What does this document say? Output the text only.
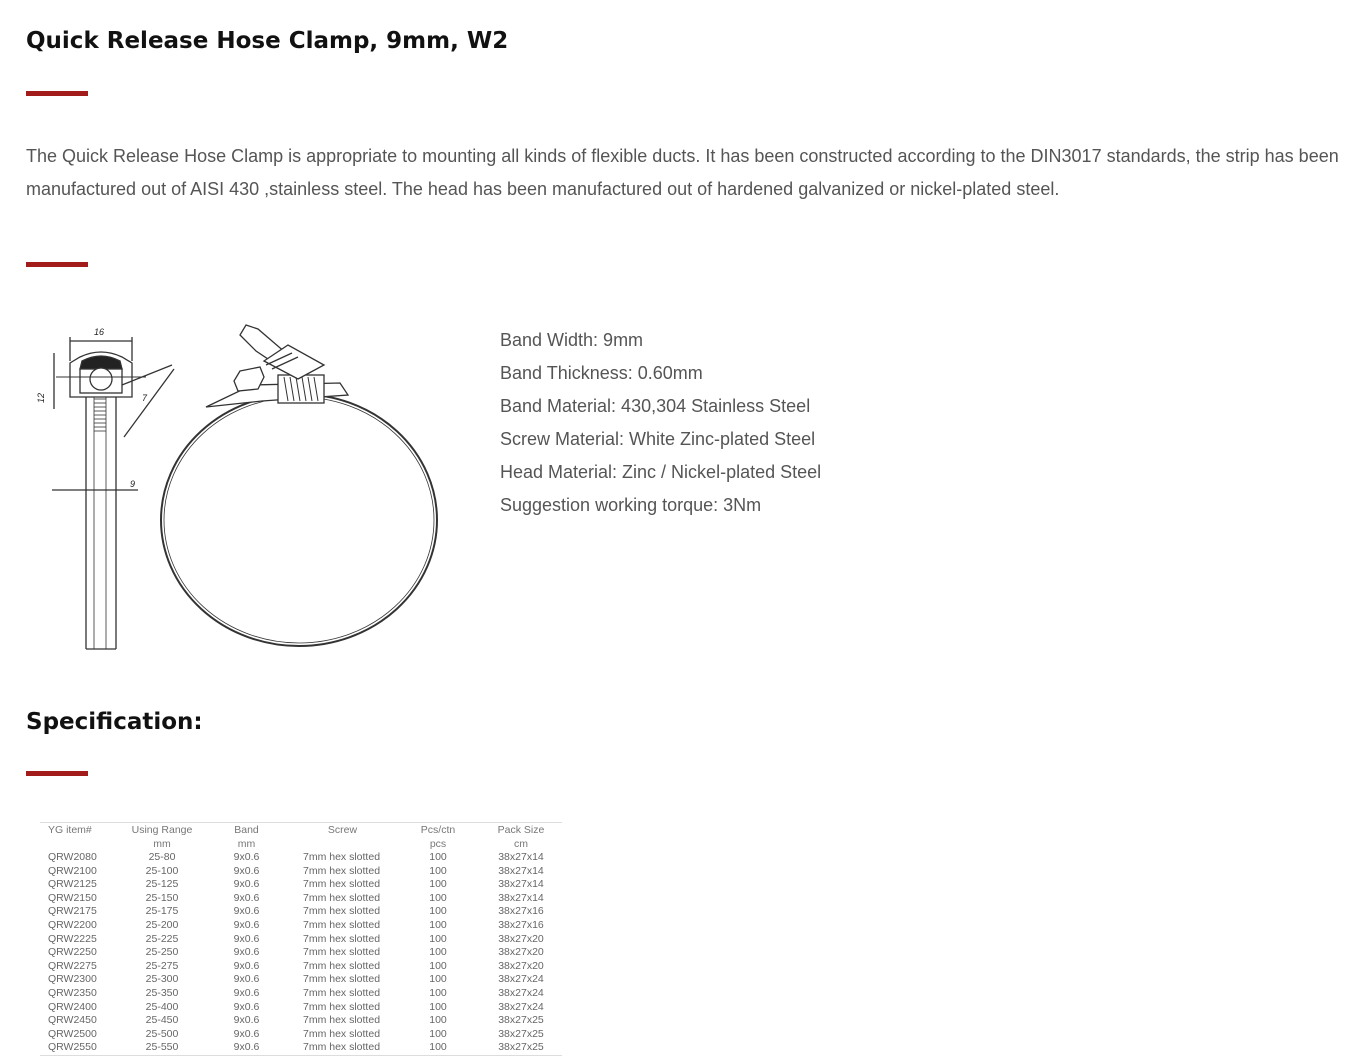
Quick Release Hose Clamp, 9mm, W2

The Quick Release Hose Clamp is appropriate to mounting all kinds of flexible ducts. It has been constructed according to the DIN3017 standards, the strip has been manufactured out of AISI 430 ,stainless steel. The head has been manufactured out of hardened galvanized or nickel-plated steel.

16
12	7
9
Band Width: 9mm
Band Thickness: 0.60mm
Band Material: 430,304 Stainless Steel
Screw Material: White Zinc-plated Steel
Head Material: Zinc / Nickel-plated Steel
Suggestion working torque: 3Nm
Specification:
YG item#	Using Range	Band	Screw	Pcs/ctn	Pack Size
	mm	mm		pcs	cm
QRW2080	25-80	9x0.6	7mm hex slotted	100	38x27x14
QRW2100	25-100	9x0.6	7mm hex slotted	100	38x27x14
QRW2125	25-125	9x0.6	7mm hex slotted	100	38x27x14
QRW2150	25-150	9x0.6	7mm hex slotted	100	38x27x14
QRW2175	25-175	9x0.6	7mm hex slotted	100	38x27x16
QRW2200	25-200	9x0.6	7mm hex slotted	100	38x27x16
QRW2225	25-225	9x0.6	7mm hex slotted	100	38x27x20
QRW2250	25-250	9x0.6	7mm hex slotted	100	38x27x20
QRW2275	25-275	9x0.6	7mm hex slotted	100	38x27x20
QRW2300	25-300	9x0.6	7mm hex slotted	100	38x27x24
QRW2350	25-350	9x0.6	7mm hex slotted	100	38x27x24
QRW2400	25-400	9x0.6	7mm hex slotted	100	38x27x24
QRW2450	25-450	9x0.6	7mm hex slotted	100	38x27x25
QRW2500	25-500	9x0.6	7mm hex slotted	100	38x27x25
QRW2550	25-550	9x0.6	7mm hex slotted	100	38x27x25
